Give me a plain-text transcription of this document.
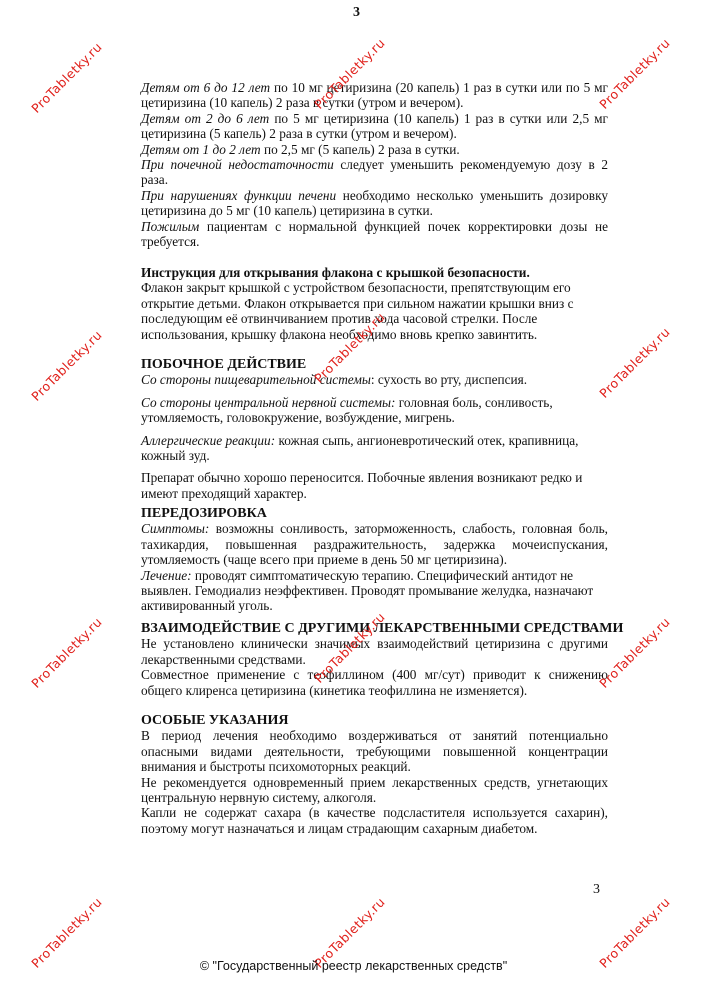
3

Детям от 6 до 12 лет по 10 мг цетиризина (20 капель) 1 раз в сутки или по 5 мг цетиризина (10 капель) 2 раза в сутки (утром и вечером).

Детям от 2 до 6 лет по 5 мг цетиризина (10 капель) 1 раз в сутки или 2,5 мг цетиризина (5 капель) 2 раза в сутки (утром и вечером).

Детям от 1 до 2 лет по 2,5 мг (5 капель) 2 раза в сутки.

При почечной недостаточности следует уменьшить рекомендуемую дозу в 2 раза.

При нарушениях функции печени необходимо несколько уменьшить дозировку цетиризина до 5 мг (10 капель) цетиризина в сутки.

Пожилым пациентам с нормальной функцией почек корректировки дозы не требуется.

Инструкция для открывания флакона с крышкой безопасности.

Флакон закрыт крышкой с устройством безопасности, препятствующим его открытие детьми. Флакон открывается при сильном нажатии крышки вниз с последующим её отвинчиванием против хода часовой стрелки. После использования, крышку флакона необходимо вновь крепко завинтить.

ПОБОЧНОЕ ДЕЙСТВИЕ

Со стороны пищеварительной системы: сухость во рту, диспепсия.

Со стороны центральной нервной системы: головная боль, сонливость, утомляемость, головокружение, возбуждение, мигрень.

Аллергические реакции: кожная сыпь, ангионевротический отек, крапивница, кожный зуд.

Препарат обычно хорошо переносится. Побочные явления возникают редко и имеют преходящий характер.

ПЕРЕДОЗИРОВКА

Симптомы: возможны сонливость, заторможенность, слабость, головная боль, тахикардия, повышенная раздражительность, задержка мочеиспускания, утомляемость (чаще всего при приеме в день 50 мг цетиризина).

Лечение: проводят симптоматическую терапию. Специфический антидот не выявлен. Гемодиализ неэффективен. Проводят промывание желудка, назначают активированный уголь.

ВЗАИМОДЕЙСТВИЕ С ДРУГИМИ ЛЕКАРСТВЕННЫМИ СРЕДСТВАМИ

Не установлено клинически значимых взаимодействий цетиризина с другими лекарственными средствами.

Совместное применение с теофиллином (400 мг/сут) приводит к снижению общего клиренса цетиризина (кинетика теофиллина не изменяется).

ОСОБЫЕ УКАЗАНИЯ

В период лечения необходимо воздерживаться от занятий потенциально опасными видами деятельности, требующими повышенной концентрации внимания и быстроты психомоторных реакций.

Не рекомендуется одновременный прием лекарственных средств, угнетающих центральную нервную систему, алкоголя.

Капли не содержат сахара (в качестве подсластителя используется сахарин), поэтому могут назначаться и лицам страдающим сахарным диабетом.

3
ProTabletky.ru	ProTabletky.ru	ProTabletky.ru
ProTabletky.ru	ProTabletky.ru	ProTabletky.ru
ProTabletky.ru	ProTabletky.ru	ProTabletky.ru
ProTabletky.ru	ProTabletky.ru	ProTabletky.ru
© "Государственный реестр лекарственных средств"
